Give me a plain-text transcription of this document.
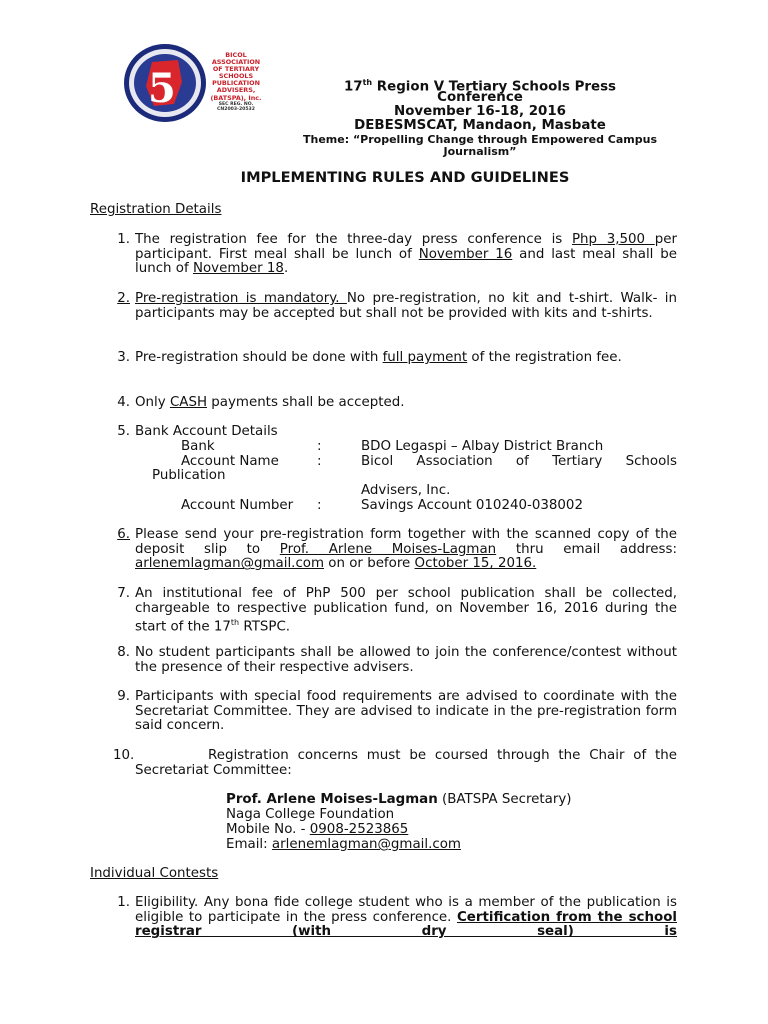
5
BICOL
ASSOCIATION
OF TERTIARY
SCHOOLS
PUBLICATION
ADVISERS,
(BATSPA), Inc.
SEC REG. NO.
CN2003-20532
17th Region V Tertiary Schools Press
Conference
November 16-18, 2016
DEBESMSCAT, Mandaon, Masbate
Theme: “Propelling Change through Empowered Campus
Journalism”
IMPLEMENTING RULES AND GUIDELINES
Registration Details
1. The registration fee for the three-day press conference is Php 3,500 per participant. First meal shall be lunch of November 16 and last meal shall be lunch of November 18.
2. Pre-registration is mandatory. No pre-registration, no kit and t-shirt. Walk- in participants may be accepted but shall not be provided with kits and t-shirts.
3. Pre-registration should be done with full payment of the registration fee.
4. Only CASH payments shall be accepted.
5. Bank Account Details
Bank	:	BDO Legaspi – Albay District Branch
Account Name	:	Bicol Association of Tertiary Schools
Publication
Advisers, Inc.
Account Number :	Savings Account 010240-038002
6. Please send your pre-registration form together with the scanned copy of the deposit slip to Prof. Arlene Moises-Lagman thru email address: arlenemlagman@gmail.com on or before October 15, 2016.
7. An institutional fee of PhP 500 per school publication shall be collected, chargeable to respective publication fund, on November 16, 2016 during the start of the 17th RTSPC.
8. No student participants shall be allowed to join the conference/contest without the presence of their respective advisers.
9. Participants with special food requirements are advised to coordinate with the Secretariat Committee. They are advised to indicate in the pre-registration form said concern.
10.	Registration concerns must be coursed through the Chair of the
Secretariat Committee:
Prof. Arlene Moises-Lagman (BATSPA Secretary)
Naga College Foundation
Mobile No. - 0908-2523865
Email: arlenemlagman@gmail.com
Individual Contests
1. Eligibility. Any bona fide college student who is a member of the publication is eligible to participate in the press conference. Certification from the school registrar (with dry seal) is
